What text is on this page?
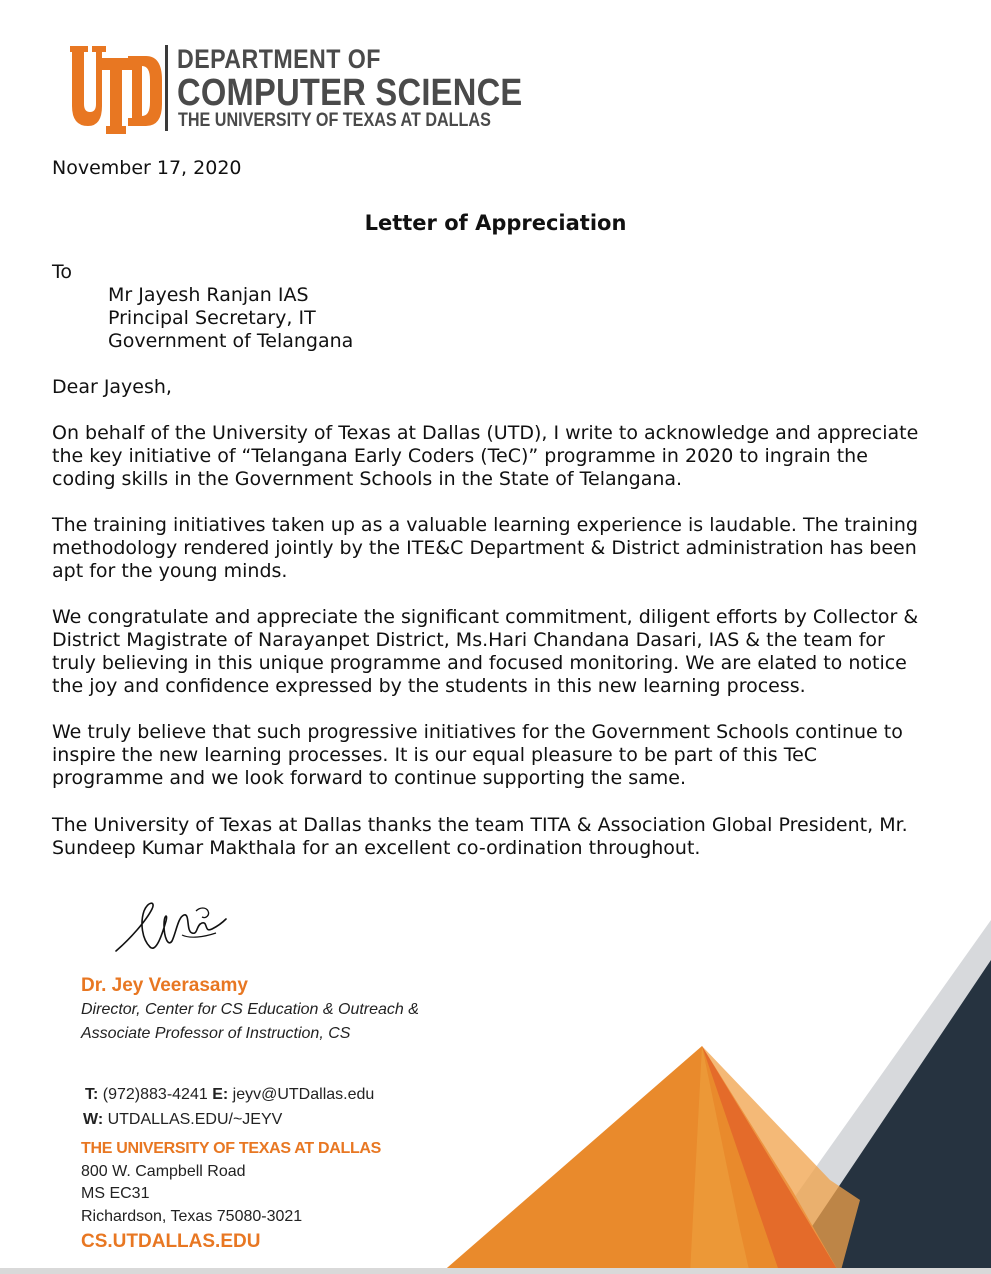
DEPARTMENT OF
COMPUTER SCIENCE
THE UNIVERSITY OF TEXAS AT DALLAS
November 17, 2020
Letter of Appreciation
To
Mr Jayesh Ranjan IAS
Principal Secretary, IT
Government of Telangana
Dear Jayesh,

On behalf of the University of Texas at Dallas (UTD), I write to acknowledge and appreciate

the key initiative of “Telangana Early Coders (TeC)” programme in 2020 to ingrain the

coding skills in the Government Schools in the State of Telangana.

The training initiatives taken up as a valuable learning experience is laudable. The training

methodology rendered jointly by the ITE&C Department & District administration has been

apt for the young minds.

We congratulate and appreciate the significant commitment, diligent efforts by Collector &

District Magistrate of Narayanpet District, Ms.Hari Chandana Dasari, IAS & the team for

truly believing in this unique programme and focused monitoring. We are elated to notice

the joy and confidence expressed by the students in this new learning process.

We truly believe that such progressive initiatives for the Government Schools continue to

inspire the new learning processes. It is our equal pleasure to be part of this TeC

programme and we look forward to continue supporting the same.

The University of Texas at Dallas thanks the team TITA & Association Global President, Mr.

Sundeep Kumar Makthala for an excellent co-ordination throughout.

Dr. Jey Veerasamy
Director, Center for CS Education & Outreach &
Associate Professor of Instruction, CS
T: (972)883-4241 E: jeyv@UTDallas.edu
W: UTDALLAS.EDU/~JEYV
THE UNIVERSITY OF TEXAS AT DALLAS
800 W. Campbell Road
MS EC31
Richardson, Texas 75080-3021
CS.UTDALLAS.EDU
